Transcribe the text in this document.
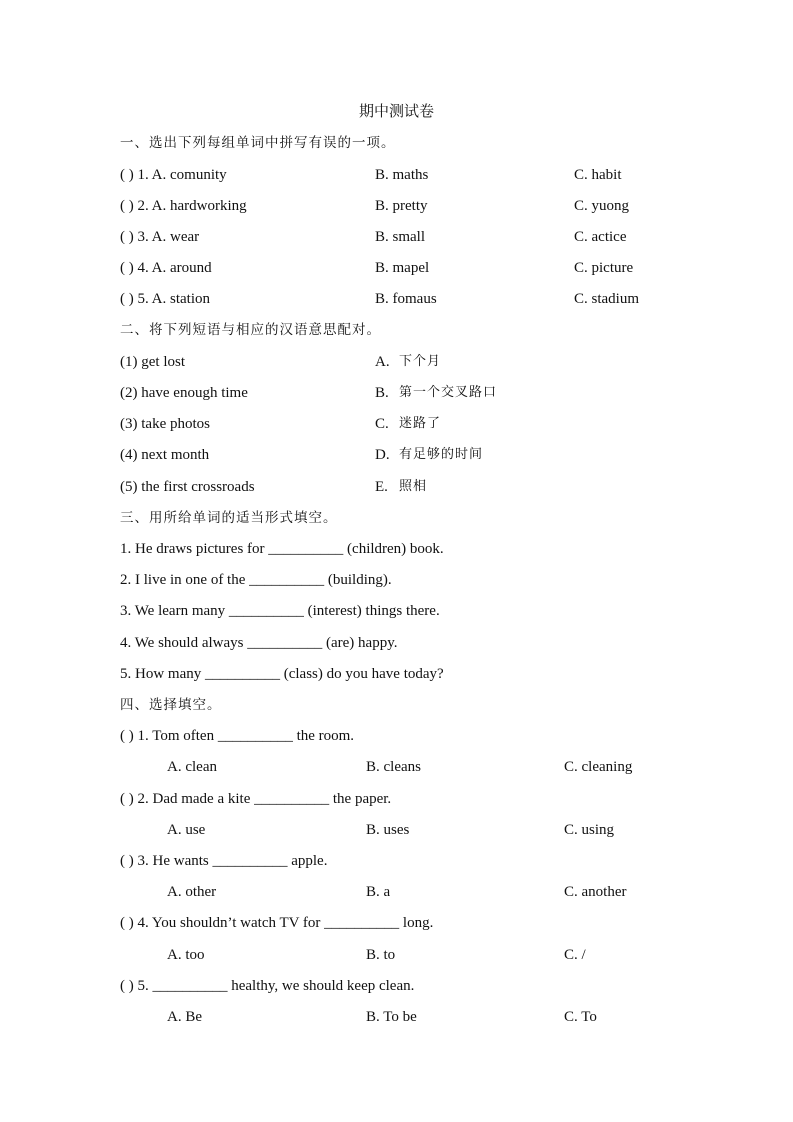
期中测试卷
一、选出下列每组单词中拼写有误的一项。
( ) 1. A. comunity	B. maths	C. habit
( ) 2. A. hardworking	B. pretty	C. yuong
( ) 3. A. wear	B. small	C. actice
( ) 4. A. around	B. mapel	C. picture
( ) 5. A. station	B. fomaus	C. stadium
二、将下列短语与相应的汉语意思配对。
(1) get lost	A. 下个月
(2) have enough time	B. 第一个交叉路口
(3) take photos	C. 迷路了
(4) next month	D. 有足够的时间
(5) the first crossroads	E. 照相
三、用所给单词的适当形式填空。
1. He draws pictures for __________ (children) book.
2. I live in one of the __________ (building).
3. We learn many __________ (interest) things there.
4. We should always __________ (are) happy.
5. How many __________ (class) do you have today?
四、选择填空。
( ) 1. Tom often __________ the room.
A. clean	B. cleans	C. cleaning
( ) 2. Dad made a kite __________ the paper.
A. use	B. uses	C. using
( ) 3. He wants __________ apple.
A. other	B. a	C. another
( ) 4. You shouldn’t watch TV for __________ long.
A. too	B. to	C. /
( ) 5. __________ healthy, we should keep clean.
A. Be	B. To be	C. To
